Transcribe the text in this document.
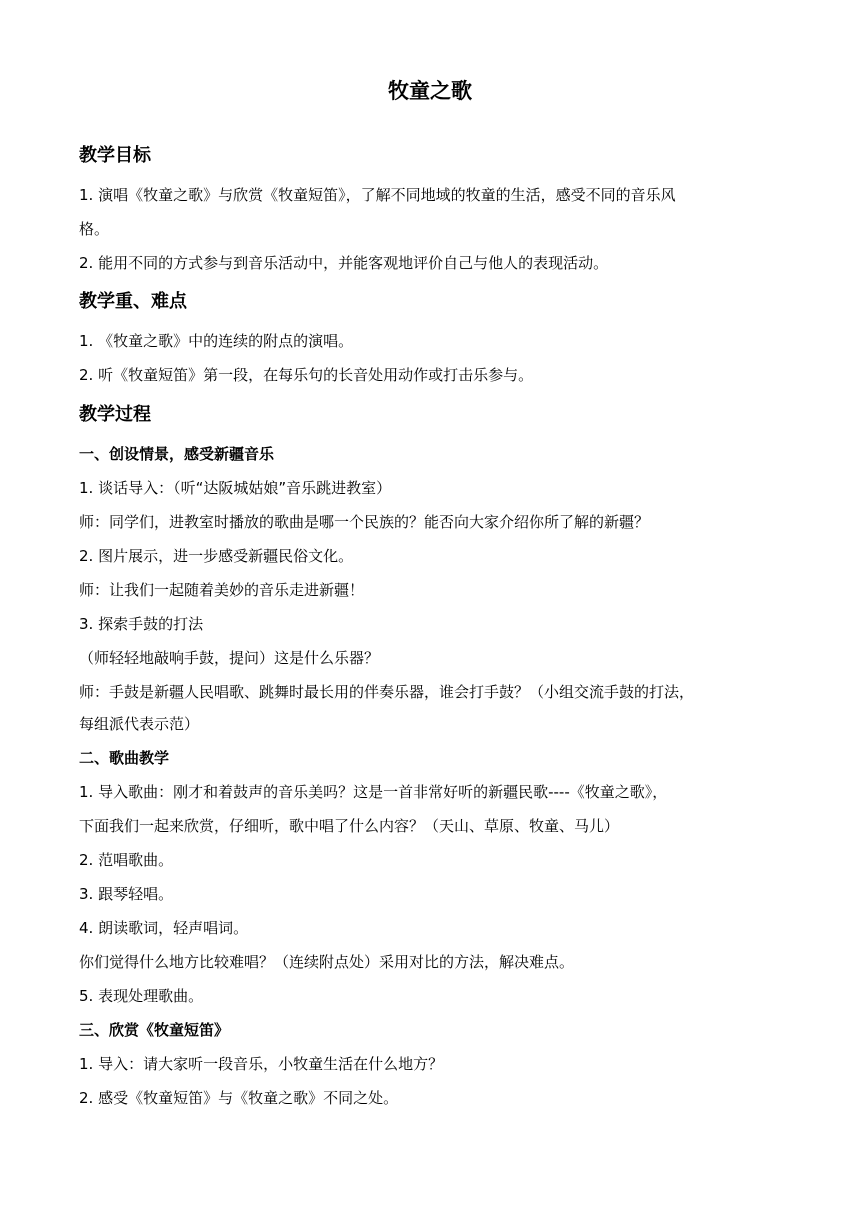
牧童之歌
教学目标
1. 演唱《牧童之歌》与欣赏《牧童短笛》，了解不同地域的牧童的生活，感受不同的音乐风
格。
2. 能用不同的方式参与到音乐活动中，并能客观地评价自己与他人的表现活动。
教学重、难点
1. 《牧童之歌》中的连续的附点的演唱。
2. 听《牧童短笛》第一段，在每乐句的长音处用动作或打击乐参与。
教学过程
一、创设情景，感受新疆音乐
1. 谈话导入：（听“达阪城姑娘”音乐跳进教室）
师：同学们，进教室时播放的歌曲是哪一个民族的？能否向大家介绍你所了解的新疆？
2. 图片展示，进一步感受新疆民俗文化。
师：让我们一起随着美妙的音乐走进新疆！
3. 探索手鼓的打法
（师轻轻地敲响手鼓，提问）这是什么乐器？
师：手鼓是新疆人民唱歌、跳舞时最长用的伴奏乐器，谁会打手鼓？（小组交流手鼓的打法，
每组派代表示范）
二、歌曲教学
1. 导入歌曲：刚才和着鼓声的音乐美吗？这是一首非常好听的新疆民歌----《牧童之歌》，
下面我们一起来欣赏，仔细听，歌中唱了什么内容？（天山、草原、牧童、马儿）
2. 范唱歌曲。
3. 跟琴轻唱。
4. 朗读歌词，轻声唱词。
你们觉得什么地方比较难唱？（连续附点处）采用对比的方法，解决难点。
5. 表现处理歌曲。
三、欣赏《牧童短笛》
1. 导入：请大家听一段音乐，小牧童生活在什么地方？
2. 感受《牧童短笛》与《牧童之歌》不同之处。
